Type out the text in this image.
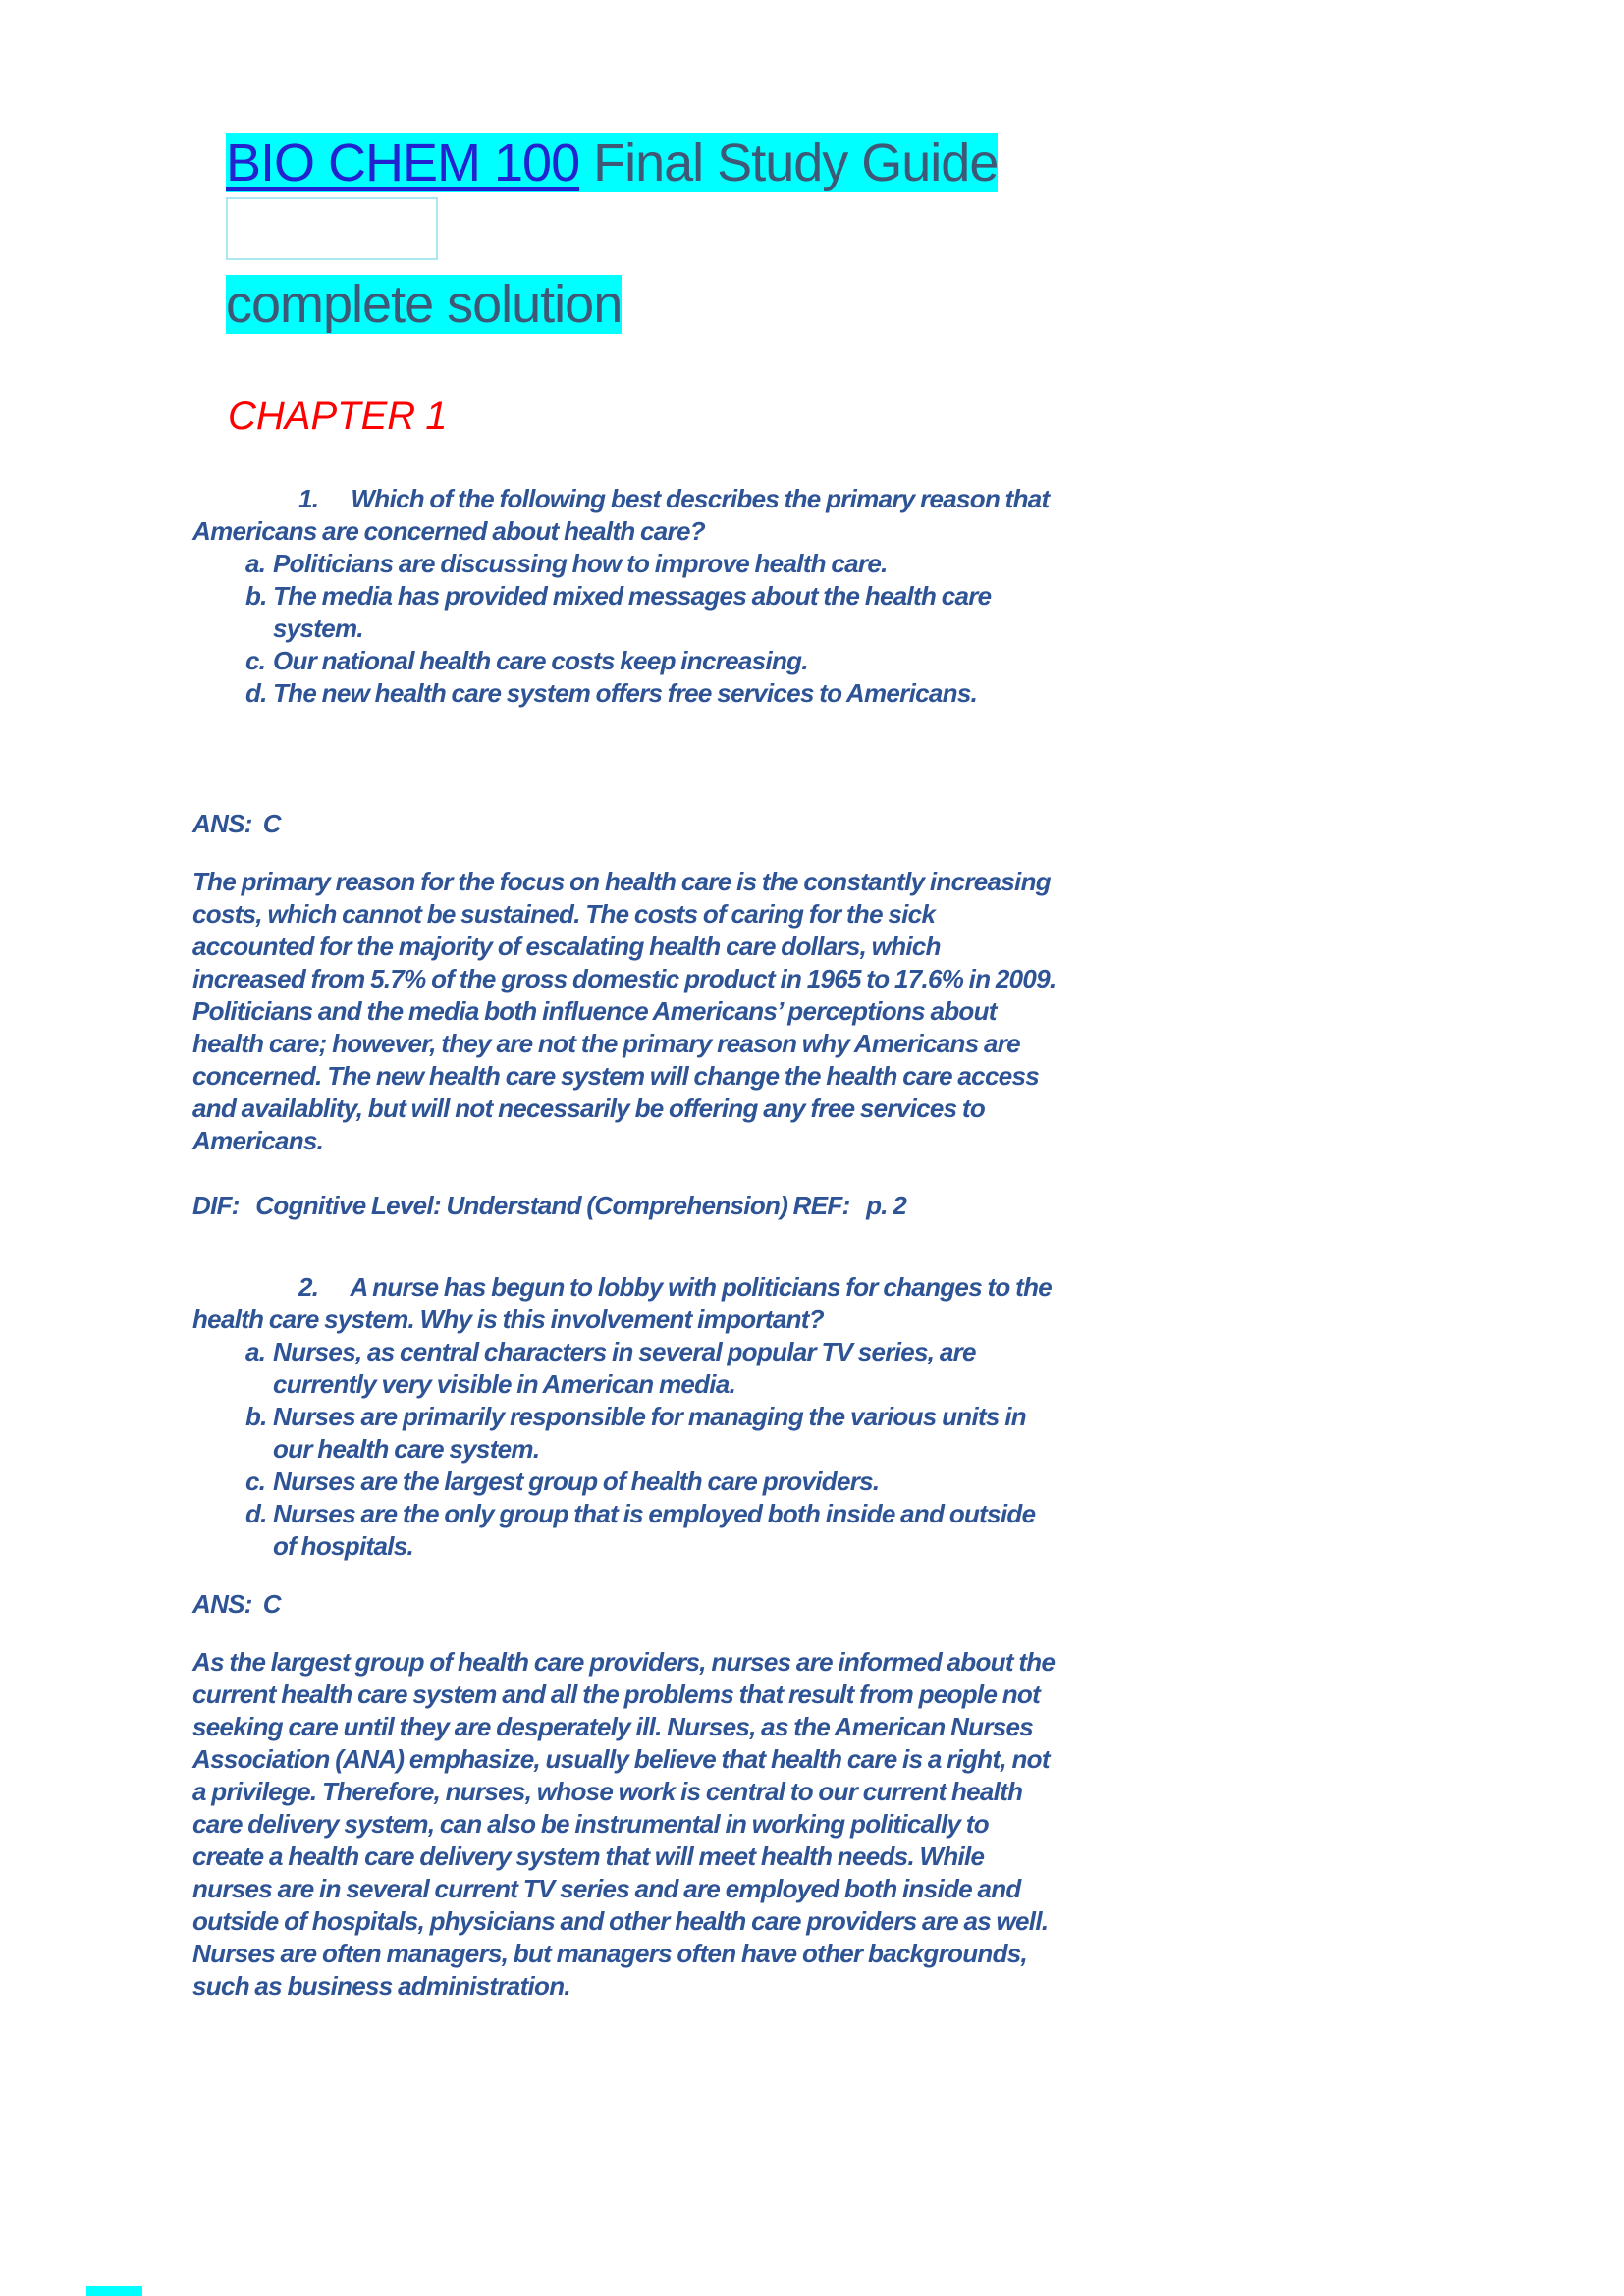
BIO CHEM 100 Final Study Guide
complete solution
CHAPTER 1

1.      Which of the following best describes the primary reason that Americans are concerned about health care?

a. Politicians are discussing how to improve health care.
b. The media has provided mixed messages about the health care system.
c. Our national health care costs keep increasing.
d. The new health care system offers free services to Americans.

ANS:  C

The primary reason for the focus on health care is the constantly increasing costs, which cannot be sustained. The costs of caring for the sick accounted for the majority of escalating health care dollars, which increased from 5.7% of the gross domestic product in 1965 to 17.6% in 2009. Politicians and the media both influence Americans’ perceptions about health care; however, they are not the primary reason why Americans are concerned. The new health care system will change the health care access and availablity, but will not necessarily be offering any free services to Americans.

DIF:   Cognitive Level: Understand (Comprehension) REF:   p. 2

2.      A nurse has begun to lobby with politicians for changes to the health care system. Why is this involvement important?

a. Nurses, as central characters in several popular TV series, are currently very visible in American media.
b. Nurses are primarily responsible for managing the various units in our health care system.
c. Nurses are the largest group of health care providers.
d. Nurses are the only group that is employed both inside and outside of hospitals.

ANS:  C

As the largest group of health care providers, nurses are informed about the current health care system and all the problems that result from people not seeking care until they are desperately ill. Nurses, as the American Nurses Association (ANA) emphasize, usually believe that health care is a right, not a privilege. Therefore, nurses, whose work is central to our current health care delivery system, can also be instrumental in working politically to create a health care delivery system that will meet health needs. While nurses are in several current TV series and are employed both inside and outside of hospitals, physicians and other health care providers are as well. Nurses are often managers, but managers often have other backgrounds, such as business administration.
